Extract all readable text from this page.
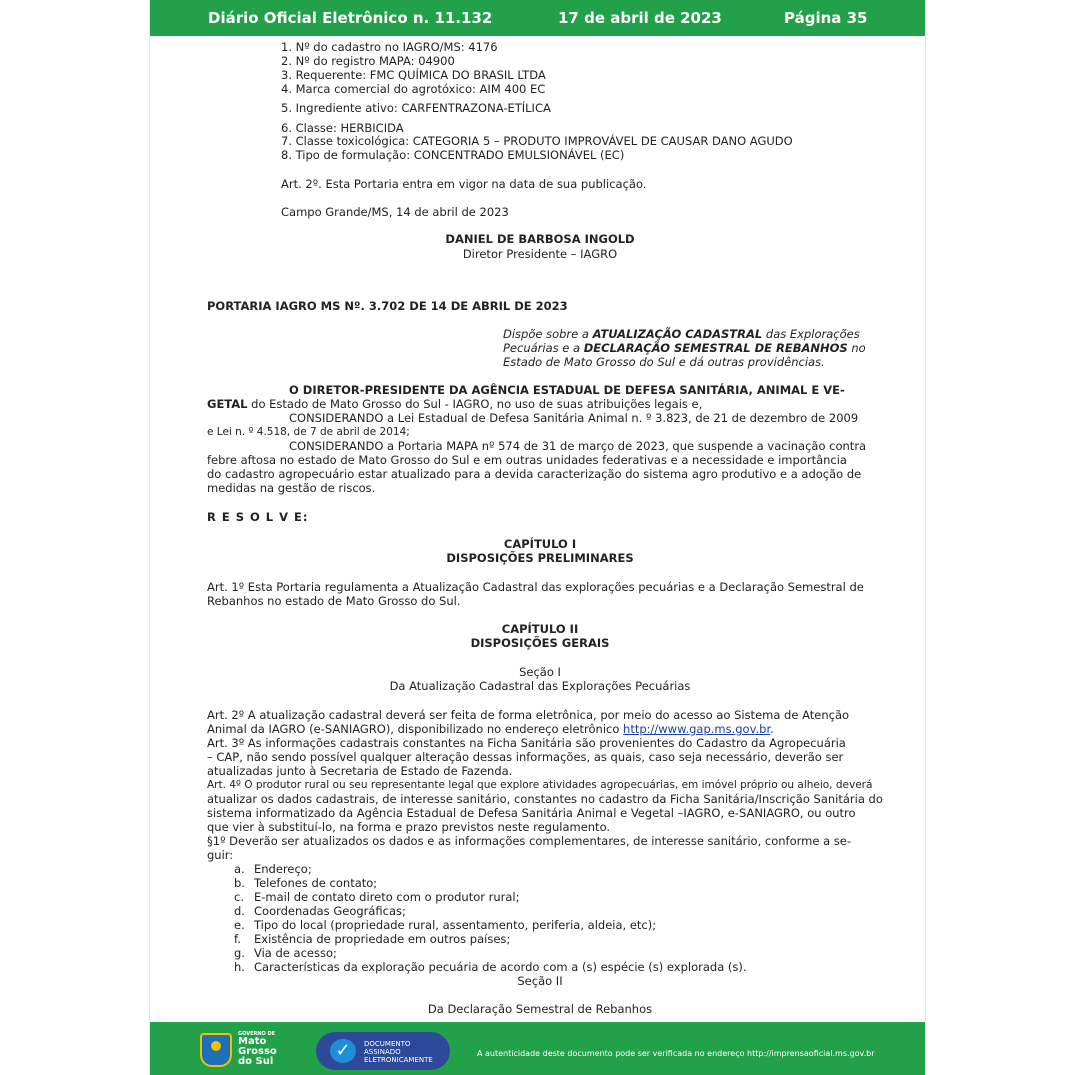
Diário Oficial Eletrônico n. 11.132	17 de abril de 2023	Página 35
1. Nº do cadastro no IAGRO/MS: 4176
2. Nº do registro MAPA: 04900
3. Requerente: FMC QUÍMICA DO BRASIL LTDA
4. Marca comercial do agrotóxico: AIM 400 EC
5. Ingrediente ativo: CARFENTRAZONA-ETÍLICA
6. Classe: HERBICIDA
7. Classe toxicológica: CATEGORIA 5 – PRODUTO IMPROVÁVEL DE CAUSAR DANO AGUDO
8. Tipo de formulação: CONCENTRADO EMULSIONÁVEL (EC)
Art. 2º. Esta Portaria entra em vigor na data de sua publicação.
Campo Grande/MS, 14 de abril de 2023
DANIEL DE BARBOSA INGOLD
Diretor Presidente – IAGRO
PORTARIA IAGRO MS Nº. 3.702 DE 14 DE ABRIL DE 2023
Dispõe sobre a ATUALIZAÇÃO CADASTRAL das Explorações
Pecuárias e a DECLARAÇÃO SEMESTRAL DE REBANHOS no
Estado de Mato Grosso do Sul e dá outras providências.
O DIRETOR-PRESIDENTE DA AGÊNCIA ESTADUAL DE DEFESA SANITÁRIA, ANIMAL E VE-
GETAL do Estado de Mato Grosso do Sul - IAGRO, no uso de suas atribuições legais e,
CONSIDERANDO a Lei Estadual de Defesa Sanitária Animal n. º 3.823, de 21 de dezembro de 2009
e Lei n. º 4.518, de 7 de abril de 2014;
CONSIDERANDO a Portaria MAPA nº 574 de 31 de março de 2023, que suspende a vacinação contra
febre aftosa no estado de Mato Grosso do Sul e em outras unidades federativas e a necessidade e importância
do cadastro agropecuário estar atualizado para a devida caracterização do sistema agro produtivo e a adoção de
medidas na gestão de riscos.
R E S O L V E:
CAPÍTULO I
DISPOSIÇÕES PRELIMINARES
Art. 1º Esta Portaria regulamenta a Atualização Cadastral das explorações pecuárias e a Declaração Semestral de
Rebanhos no estado de Mato Grosso do Sul.
CAPÍTULO II
DISPOSIÇÕES GERAIS
Seção I
Da Atualização Cadastral das Explorações Pecuárias
Art. 2º A atualização cadastral deverá ser feita de forma eletrônica, por meio do acesso ao Sistema de Atenção
Animal da IAGRO (e-SANIAGRO), disponibilizado no endereço eletrônico http://www.gap.ms.gov.br.
Art. 3º As informações cadastrais constantes na Ficha Sanitária são provenientes do Cadastro da Agropecuária
– CAP, não sendo possível qualquer alteração dessas informações, as quais, caso seja necessário, deverão ser
atualizadas junto à Secretaria de Estado de Fazenda.
Art. 4º O produtor rural ou seu representante legal que explore atividades agropecuárias, em imóvel próprio ou alheio, deverá
atualizar os dados cadastrais, de interesse sanitário, constantes no cadastro da Ficha Sanitária/Inscrição Sanitária do
sistema informatizado da Agência Estadual de Defesa Sanitária Animal e Vegetal –IAGRO, e-SANIAGRO, ou outro
que vier à substituí-lo, na forma e prazo previstos neste regulamento.
§1º Deverão ser atualizados os dados e as informações complementares, de interesse sanitário, conforme a se-
guir:
a. Endereço;
b. Telefones de contato;
c. E-mail de contato direto com o produtor rural;
d. Coordenadas Geográficas;
e. Tipo do local (propriedade rural, assentamento, periferia, aldeia, etc);
f. Existência de propriedade em outros países;
g. Via de acesso;
h. Características da exploração pecuária de acordo com a (s) espécie (s) explorada (s).
Seção II
Da Declaração Semestral de Rebanhos
GOVERNO DE
Mato
Grosso
do Sul
✓	DOCUMENTO
ASSINADO
ELETRONICAMENTE
A autenticidade deste documento pode ser verificada no endereço http://imprensaoficial.ms.gov.br
